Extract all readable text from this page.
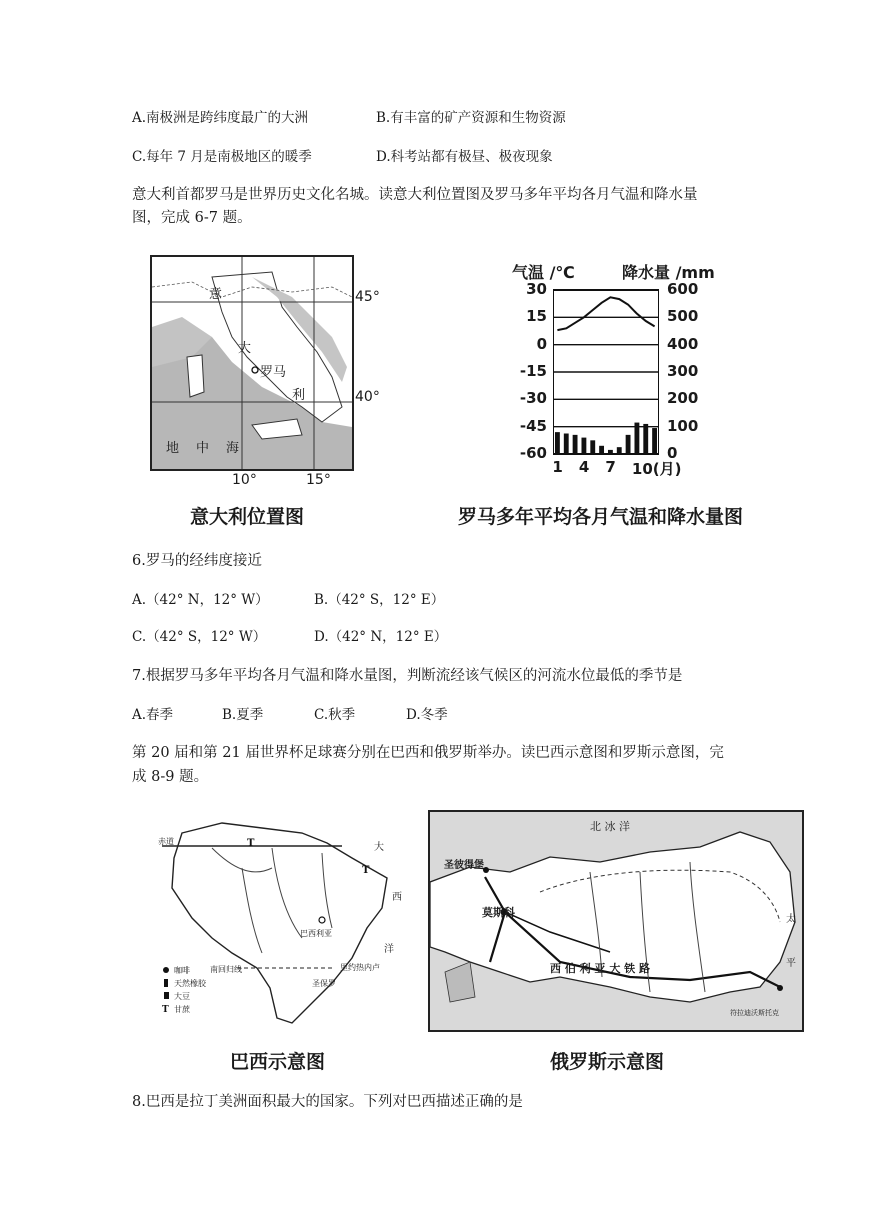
A.南极洲是跨纬度最广的大洲	B.有丰富的矿产资源和生物资源
C.每年 7 月是南极地区的暖季	D.科考站都有极昼、极夜现象
意大利首都罗马是世界历史文化名城。读意大利位置图及罗马多年平均各月气温和降水量
图，完成 6-7 题。
意
大
罗马
利
地 中 海
45°
40°
10°	15°
意大利位置图
气温 /℃	降水量 /mm
30
15
0
-15
-30
-45
-60
600
500
400
300
200
100
0
1 4 7 10(月)
罗马多年平均各月气温和降水量图
6.罗马的经纬度接近
A.（42° N，12° W）	B.（42° S，12° E）
C.（42° S，12° W）	D.（42° N，12° E）
7.根据罗马多年平均各月气温和降水量图，判断流经该气候区的河流水位最低的季节是
A.春季	B.夏季	C.秋季	D.冬季
第 20 届和第 21 届世界杯足球赛分别在巴西和俄罗斯举办。读巴西示意图和罗斯示意图，完
成 8-9 题。
T
T
T
赤道
大
西
洋
巴西利亚
南回归线	里约热内卢
圣保罗
咖啡
天然橡胶
大豆
甘蔗
巴西示意图
北 冰 洋
圣彼得堡
莫斯科
西 伯 利 亚 大 铁 路
太
平
符拉迪沃斯托克
俄罗斯示意图
8.巴西是拉丁美洲面积最大的国家。下列对巴西描述正确的是
